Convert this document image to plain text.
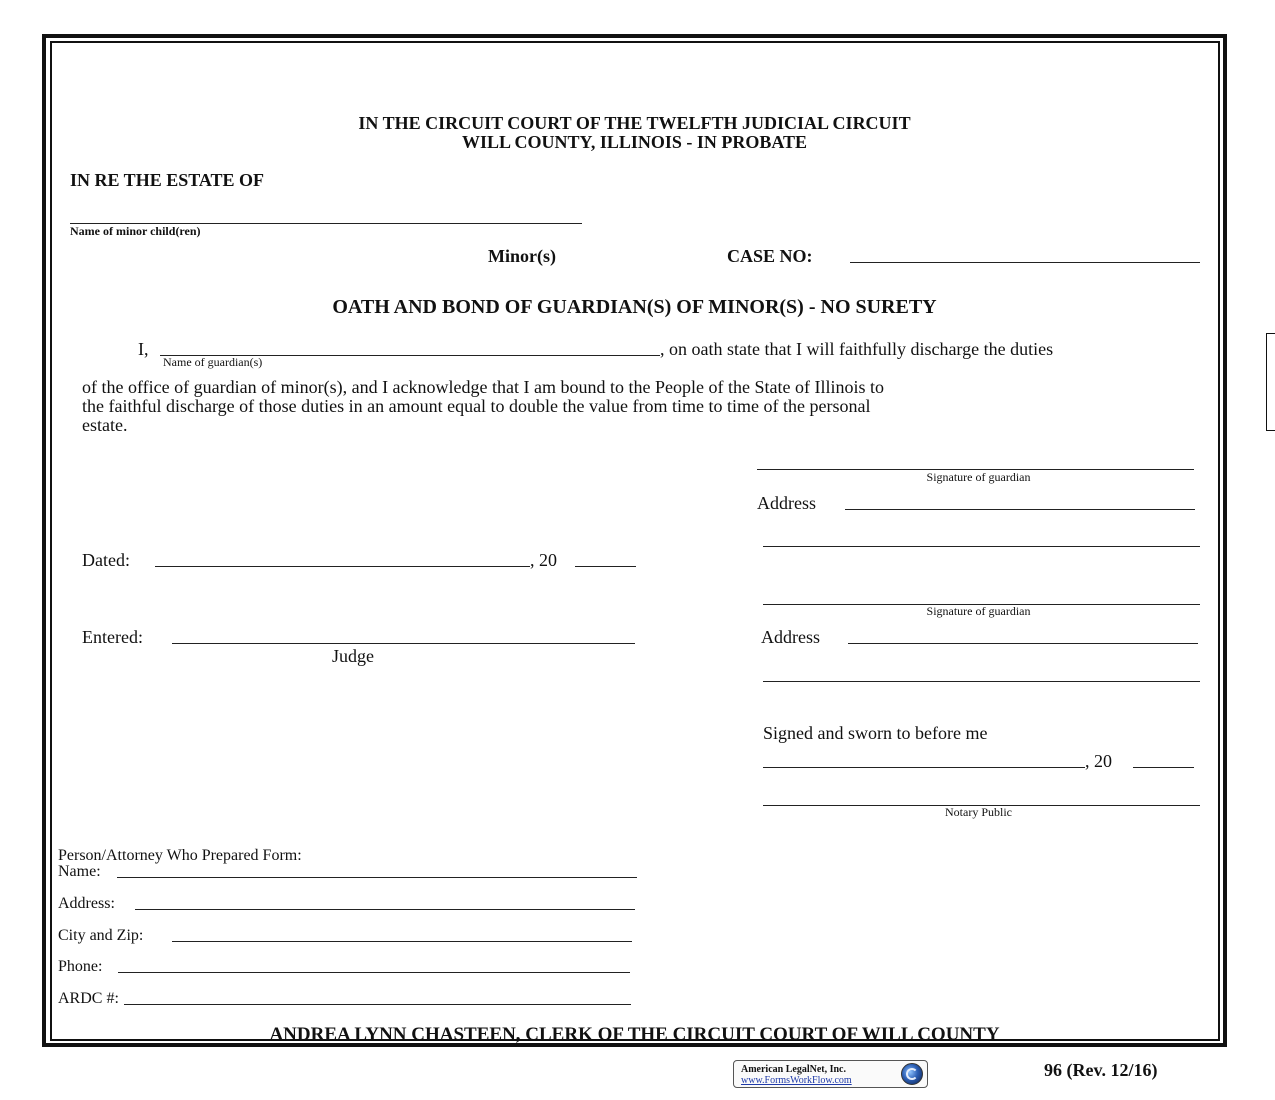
IN THE CIRCUIT COURT OF THE TWELFTH JUDICIAL CIRCUIT
WILL COUNTY, ILLINOIS - IN PROBATE
IN RE THE ESTATE OF
Name of minor child(ren)
Minor(s)	CASE NO:
OATH AND BOND OF GUARDIAN(S) OF MINOR(S) - NO SURETY
I,
Name of guardian(s)
, on oath state that I will faithfully discharge the duties
of the office of guardian of minor(s), and I acknowledge that I am bound to the People of the State of Illinois to
the faithful discharge of those duties in an amount equal to double the value from time to time of the personal
estate.
Signature of guardian
Address
Signature of guardian
Address
Signed and sworn to before me
, 20
Notary Public
Dated:	, 20
Entered:
Judge
Person/Attorney Who Prepared Form:
Name:
Address:
City and Zip:
Phone:
ARDC #:
ANDREA LYNN CHASTEEN, CLERK OF THE CIRCUIT COURT OF WILL COUNTY
American LegalNet, Inc.
www.FormsWorkFlow.com
96 (Rev. 12/16)
